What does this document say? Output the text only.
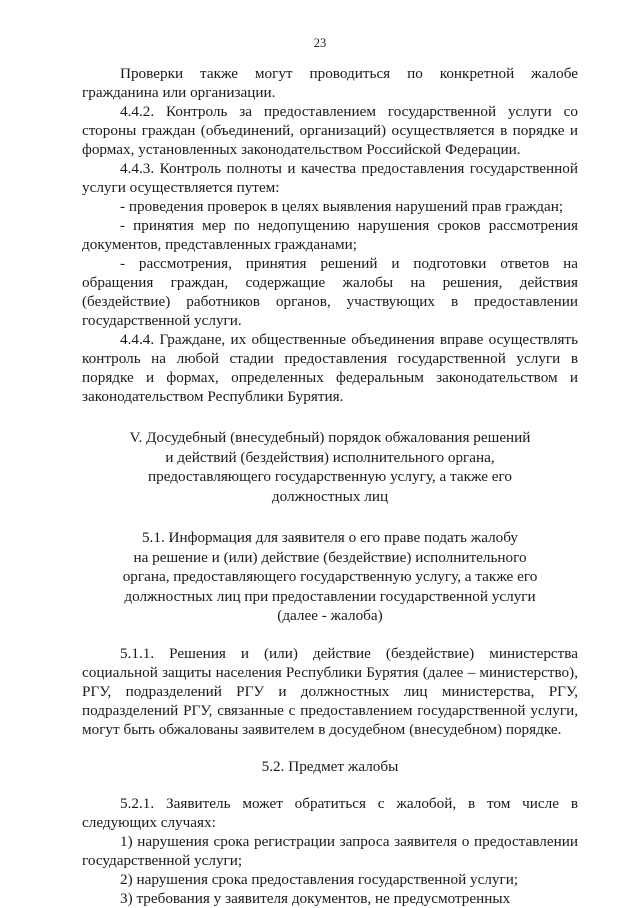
23

Проверки также могут проводиться по конкретной жалобе гражданина или организации.

4.4.2. Контроль за предоставлением государственной услуги со стороны граждан (объединений, организаций) осуществляется в порядке и формах, установленных законодательством Российской Федерации.

4.4.3. Контроль полноты и качества предоставления государственной услуги осуществляется путем:

- проведения проверок в целях выявления нарушений прав граждан;

- принятия мер по недопущению нарушения сроков рассмотрения документов, представленных гражданами;

- рассмотрения, принятия решений и подготовки ответов на обращения граждан, содержащие жалобы на решения, действия (бездействие) работников органов, участвующих в предоставлении государственной услуги.

4.4.4. Граждане, их общественные объединения вправе осуществлять контроль на любой стадии предоставления государственной услуги в порядке и формах, определенных федеральным законодательством и законодательством Республики Бурятия.

V. Досудебный (внесудебный) порядок обжалования решений
и действий (бездействия) исполнительного органа,
предоставляющего государственную услугу, а также его
должностных лиц
5.1. Информация для заявителя о его праве подать жалобу
на решение и (или) действие (бездействие) исполнительного
органа, предоставляющего государственную услугу, а также его
должностных лиц при предоставлении государственной услуги
(далее - жалоба)

5.1.1. Решения и (или) действие (бездействие) министерства социальной защиты населения Республики Бурятия (далее – министерство), РГУ, подразделений РГУ и должностных лиц министерства, РГУ, подразделений РГУ, связанные с предоставлением государственной услуги, могут быть обжалованы заявителем в досудебном (внесудебном) порядке.

5.2. Предмет жалобы

5.2.1. Заявитель может обратиться с жалобой, в том числе в следующих случаях:

1) нарушения срока регистрации запроса заявителя о предоставлении государственной услуги;

2) нарушения срока предоставления государственной услуги;

3) требования у заявителя документов, не предусмотренных
